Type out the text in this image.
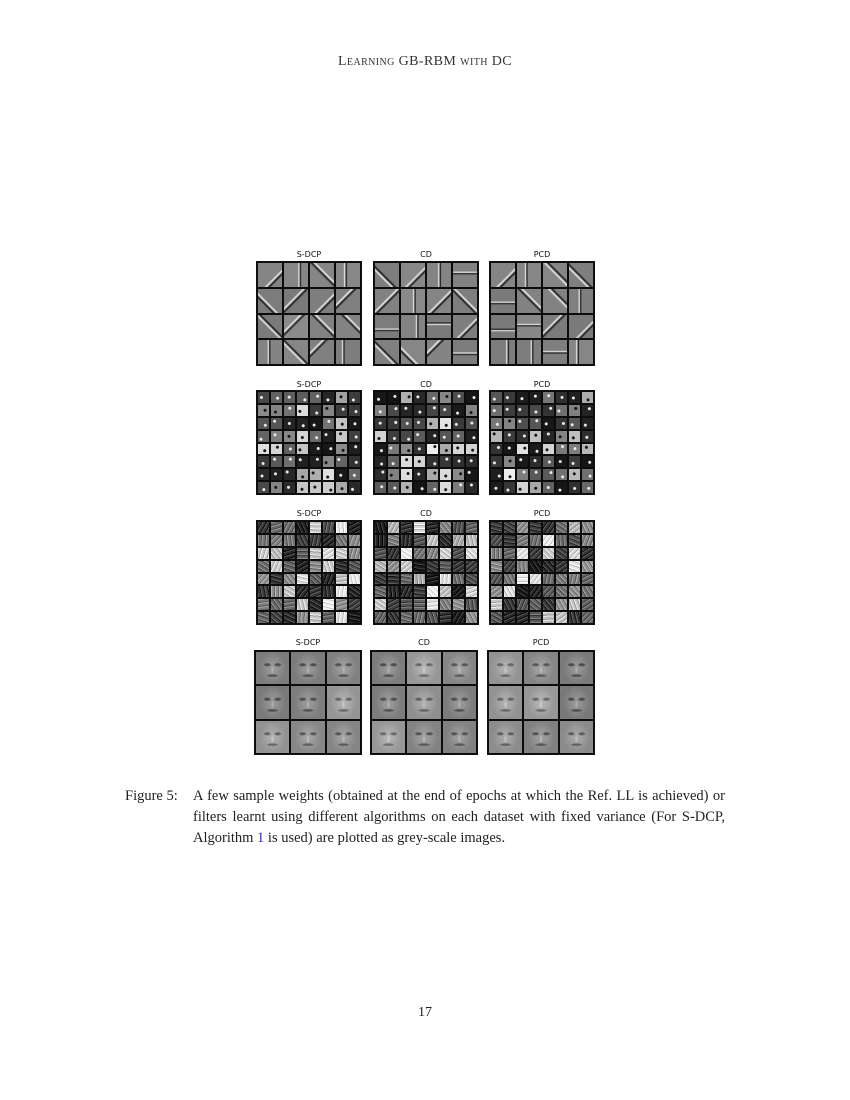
Learning GB-RBM with DC
S-DCP	CD	PCD
S-DCP	CD	PCD
S-DCP	CD	PCD
S-DCP	CD	PCD
Figure 5: A few sample weights (obtained at the end of epochs at which the Ref. LL is achieved) or filters learnt using different algorithms on each dataset with fixed variance (For S-DCP, Algorithm 1 is used) are plotted as grey-scale images.
17
